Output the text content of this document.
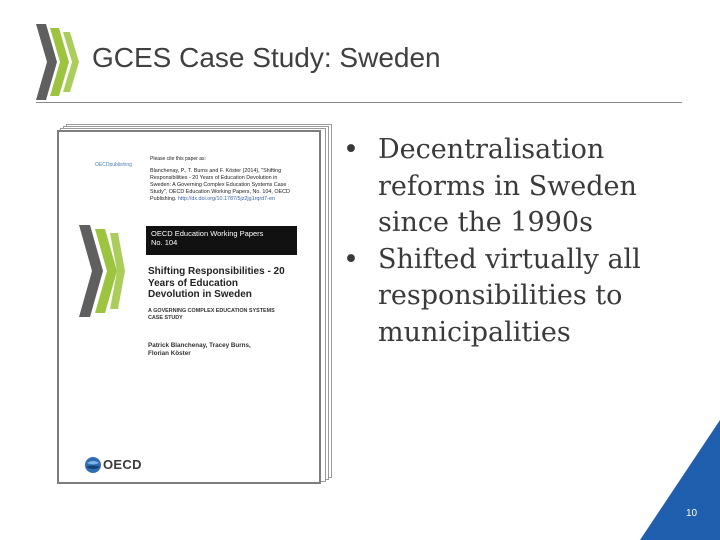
GCES Case Study: Sweden
OECDpublishing
Please cite this paper as:
Blanchenay, P., T. Burns and F. Köster (2014), "Shifting Responsibilities - 20 Years of Education Devolution in Sweden: A Governing Complex Education Systems Case Study", OECD Education Working Papers, No. 104, OECD Publishing. http://dx.doi.org/10.1787/5jz2jg1rqrd7-en
OECD Education Working Papers
No. 104
Shifting Responsibilities - 20
Years of Education
Devolution in Sweden
A GOVERNING COMPLEX EDUCATION SYSTEMS
CASE STUDY
Patrick Blanchenay, Tracey Burns,
Florian Köster
OECD
• Decentralisation
reforms in Sweden
since the 1990s
• Shifted virtually all
responsibilities to
municipalities
10
